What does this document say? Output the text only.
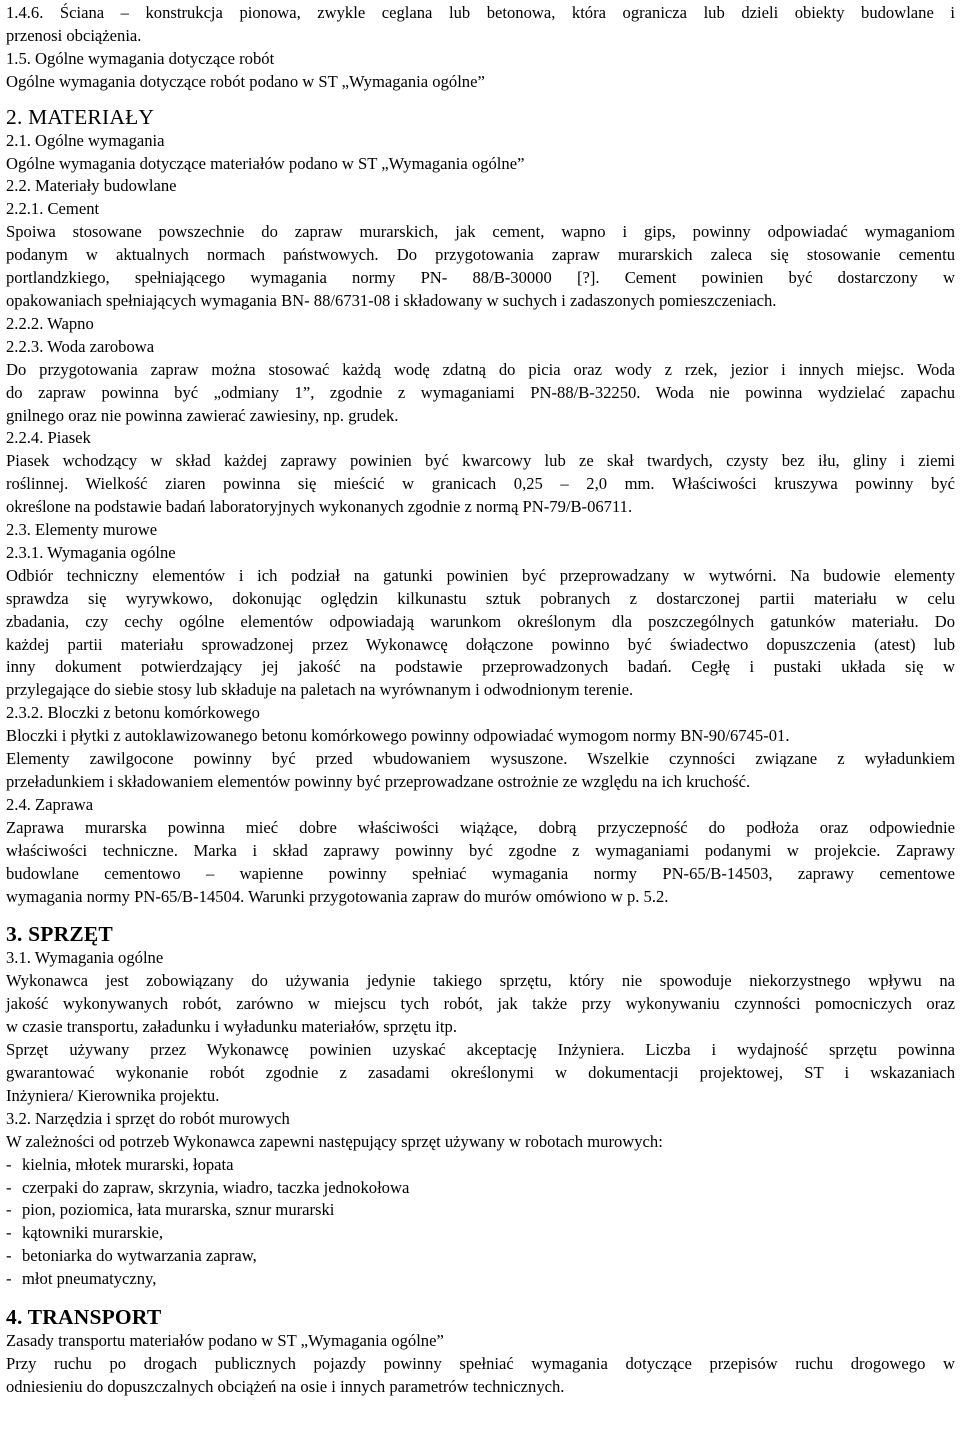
1.4.6. Ściana – konstrukcja pionowa, zwykle ceglana lub betonowa, która ogranicza lub dzieli obiekty budowlane i
przenosi obciążenia.
1.5. Ogólne wymagania dotyczące robót
Ogólne wymagania dotyczące robót podano w ST „Wymagania ogólne”
2. MATERIAŁY
2.1. Ogólne wymagania
Ogólne wymagania dotyczące materiałów podano w ST „Wymagania ogólne”
2.2. Materiały budowlane
2.2.1. Cement
Spoiwa stosowane powszechnie do zapraw murarskich, jak cement, wapno i gips, powinny odpowiadać wymaganiom
podanym w aktualnych normach państwowych. Do przygotowania zapraw murarskich zaleca się stosowanie cementu
portlandzkiego, spełniającego wymagania normy PN- 88/B-30000 [?]. Cement powinien być dostarczony w
opakowaniach spełniających wymagania BN- 88/6731-08 i składowany w suchych i zadaszonych pomieszczeniach.
2.2.2. Wapno
2.2.3. Woda zarobowa
Do przygotowania zapraw można stosować każdą wodę zdatną do picia oraz wody z rzek, jezior i innych miejsc. Woda
do zapraw powinna być „odmiany 1”, zgodnie z wymaganiami PN-88/B-32250. Woda nie powinna wydzielać zapachu
gnilnego oraz nie powinna zawierać zawiesiny, np. grudek.
2.2.4. Piasek
Piasek wchodzący w skład każdej zaprawy powinien być kwarcowy lub ze skał twardych, czysty bez iłu, gliny i ziemi
roślinnej. Wielkość ziaren powinna się mieścić w granicach 0,25 – 2,0 mm. Właściwości kruszywa powinny być
określone na podstawie badań laboratoryjnych wykonanych zgodnie z normą PN-79/B-06711.
2.3. Elementy murowe
2.3.1. Wymagania ogólne
Odbiór techniczny elementów i ich podział na gatunki powinien być przeprowadzany w wytwórni. Na budowie elementy
sprawdza się wyrywkowo, dokonując oględzin kilkunastu sztuk pobranych z dostarczonej partii materiału w celu
zbadania, czy cechy ogólne elementów odpowiadają warunkom określonym dla poszczególnych gatunków materiału. Do
każdej partii materiału sprowadzonej przez Wykonawcę dołączone powinno być świadectwo dopuszczenia (atest) lub
inny dokument potwierdzający jej jakość na podstawie przeprowadzonych badań. Cegłę i pustaki układa się w
przylegające do siebie stosy lub składuje na paletach na wyrównanym i odwodnionym terenie.
2.3.2. Bloczki z betonu komórkowego
Bloczki i płytki z autoklawizowanego betonu komórkowego powinny odpowiadać wymogom normy BN-90/6745-01.
Elementy zawilgocone powinny być przed wbudowaniem wysuszone. Wszelkie czynności związane z wyładunkiem
przeładunkiem i składowaniem elementów powinny być przeprowadzane ostrożnie ze względu na ich kruchość.
2.4. Zaprawa
Zaprawa murarska powinna mieć dobre właściwości wiążące, dobrą przyczepność do podłoża oraz odpowiednie
właściwości techniczne. Marka i skład zaprawy powinny być zgodne z wymaganiami podanymi w projekcie. Zaprawy
budowlane cementowo – wapienne powinny spełniać wymagania normy PN-65/B-14503, zaprawy cementowe
wymagania normy PN-65/B-14504. Warunki przygotowania zapraw do murów omówiono w p. 5.2.
3. SPRZĘT
3.1. Wymagania ogólne
Wykonawca jest zobowiązany do używania jedynie takiego sprzętu, który nie spowoduje niekorzystnego wpływu na
jakość wykonywanych robót, zarówno w miejscu tych robót, jak także przy wykonywaniu czynności pomocniczych oraz
w czasie transportu, załadunku i wyładunku materiałów, sprzętu itp.
Sprzęt używany przez Wykonawcę powinien uzyskać akceptację Inżyniera. Liczba i wydajność sprzętu powinna
gwarantować wykonanie robót zgodnie z zasadami określonymi w dokumentacji projektowej, ST i wskazaniach
Inżyniera/ Kierownika projektu.
3.2. Narzędzia i sprzęt do robót murowych
W zależności od potrzeb Wykonawca zapewni następujący sprzęt używany w robotach murowych:
- kielnia, młotek murarski, łopata
- czerpaki do zapraw, skrzynia, wiadro, taczka jednokołowa
- pion, poziomica, łata murarska, sznur murarski
- kątowniki murarskie,
- betoniarka do wytwarzania zapraw,
- młot pneumatyczny,
4. TRANSPORT
Zasady transportu materiałów podano w ST „Wymagania ogólne”
Przy ruchu po drogach publicznych pojazdy powinny spełniać wymagania dotyczące przepisów ruchu drogowego w
odniesieniu do dopuszczalnych obciążeń na osie i innych parametrów technicznych.
